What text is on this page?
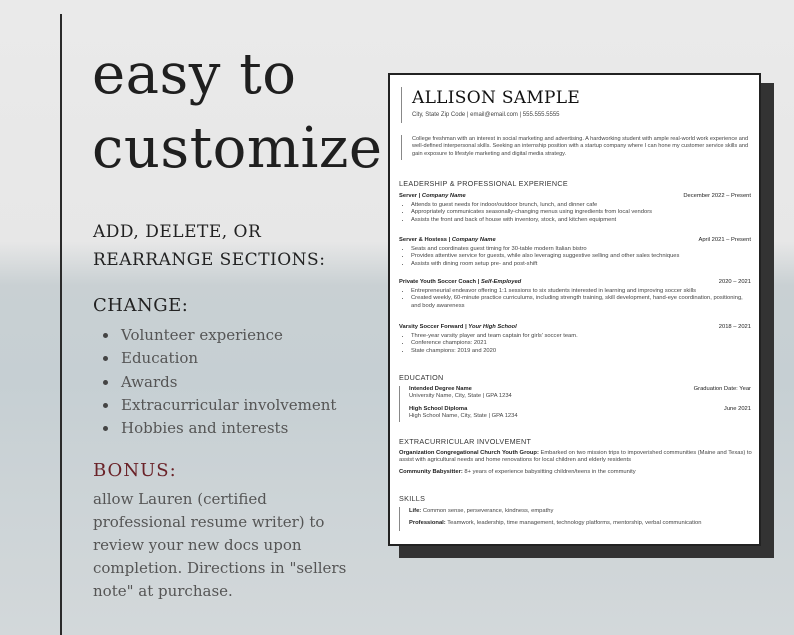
easy to
customize
ADD, DELETE, OR
REARRANGE SECTIONS:
CHANGE:
Volunteer experience
Education
Awards
Extracurricular involvement
Hobbies and interests
BONUS:
allow Lauren (certified professional resume writer) to review your new docs upon completion. Directions in "sellers note" at purchase.
ALLISON SAMPLE
City, State Zip Code | email@email.com | 555.555.5555
College freshman with an interest in social marketing and advertising. A hardworking student with ample real-world work experience and well-defined interpersonal skills. Seeking an internship position with a startup company where I can hone my customer service skills and gain exposure to lifestyle marketing and digital media strategy.
LEADERSHIP & PROFESSIONAL EXPERIENCE
Server | Company Name	December 2022 – Present
• Attends to guest needs for indoor/outdoor brunch, lunch, and dinner cafe
• Appropriately communicates seasonally-changing menus using ingredients from local vendors
• Assists the front and back of house with inventory, stock, and kitchen equipment
Server & Hostess | Company Name	April 2021 – Present
• Seats and coordinates guest timing for 30-table modern Italian bistro
• Provides attentive service for guests, while also leveraging suggestive selling and other sales techniques
• Assists with dining room setup pre- and post-shift
Private Youth Soccer Coach | Self-Employed	2020 – 2021
• Entrepreneurial endeavor offering 1:1 sessions to six students interested in learning and improving soccer skills
• Created weekly, 60-minute practice curriculums, including strength training, skill development, hand-eye coordination, positioning, and body awareness
Varsity Soccer Forward | Your High School	2018 – 2021
• Three-year varsity player and team captain for girls' soccer team.
• Conference champions: 2021
• State champions: 2019 and 2020
EDUCATION
Intended Degree Name	Graduation Date: Year
University Name, City, State | GPA 1234
High School Diploma	June 2021
High School Name, City, State | GPA 1234
EXTRACURRICULAR INVOLVEMENT
Organization Congregational Church Youth Group: Embarked on two mission trips to impoverished communities (Maine and Texas) to assist with agricultural needs and home renovations for local children and elderly residents
Community Babysitter: 8+ years of experience babysitting children/teens in the community
SKILLS
Life: Common sense, perseverance, kindness, empathy
Professional: Teamwork, leadership, time management, technology platforms, mentorship, verbal communication
